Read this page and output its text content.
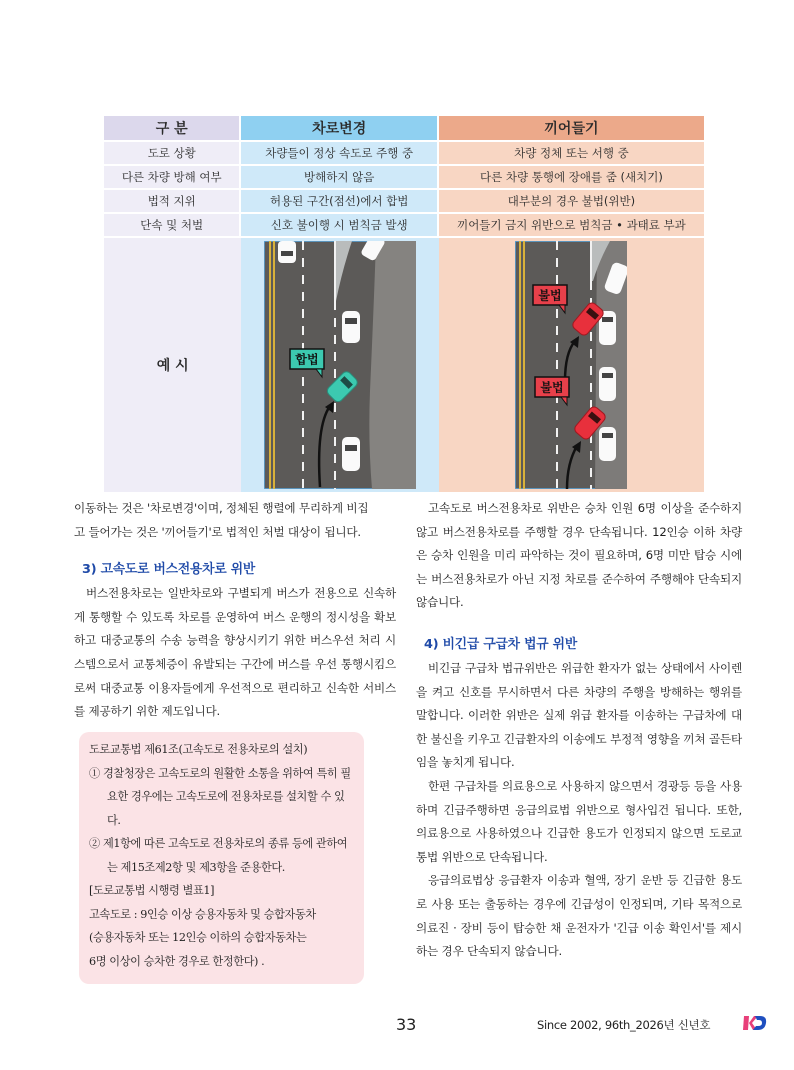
구 분	차로변경	끼어들기
도로 상황	차량들이 정상 속도로 주행 중	차량 정체 또는 서행 중
다른 차량 방해 여부	방해하지 않음	다른 차량 통행에 장애를 줌 (새치기)
법적 지위	허용된 구간(점선)에서 합법	대부분의 경우 불법(위반)
단속 및 처벌	신호 불이행 시 범칙금 발생	끼어들기 금지 위반으로 범칙금 • 과태료 부과
예 시	합법	불법
불법

이동하는 것은 '차로변경'이며, 정체된 행렬에 무리하게 비집

고 들어가는 것은 '끼어들기'로 법적인 처벌 대상이 됩니다.

3) 고속도로 버스전용차로 위반

버스전용차로는 일반차로와 구별되게 버스가 전용으로 신속하게 통행할 수 있도록 차로를 운영하여 버스 운행의 정시성을 확보하고 대중교통의 수송 능력을 향상시키기 위한 버스우선 처리 시스템으로서 교통체증이 유발되는 구간에 버스를 우선 통행시킴으로써 대중교통 이용자들에게 우선적으로 편리하고 신속한 서비스를 제공하기 위한 제도입니다.

도로교통법 제61조(고속도로 전용차로의 설치)
① 경찰청장은 고속도로의 원활한 소통을 위하여 특히 필요한 경우에는 고속도로에 전용차로를 설치할 수 있다.
② 제1항에 따른 고속도로 전용차로의 종류 등에 관하여는 제15조제2항 및 제3항을 준용한다.
[도로교통법 시행령 별표1]
고속도로 : 9인승 이상 승용자동차 및 승합자동차
(승용자동차 또는 12인승 이하의 승합자동차는
6명 이상이 승차한 경우로 한정한다) .

고속도로 버스전용차로 위반은 승차 인원 6명 이상을 준수하지 않고 버스전용차로를 주행할 경우 단속됩니다. 12인승 이하 차량은 승차 인원을 미리 파악하는 것이 필요하며, 6명 미만 탑승 시에는 버스전용차로가 아닌 지정 차로를 준수하여 주행해야 단속되지 않습니다.

4) 비긴급 구급차 법규 위반

비긴급 구급차 법규위반은 위급한 환자가 없는 상태에서 사이렌을 켜고 신호를 무시하면서 다른 차량의 주행을 방해하는 행위를 말합니다. 이러한 위반은 실제 위급 환자를 이송하는 구급차에 대한 불신을 키우고 긴급환자의 이송에도 부정적 영향을 끼쳐 골든타임을 놓치게 됩니다.

한편 구급차를 의료용으로 사용하지 않으면서 경광등 등을 사용하며 긴급주행하면 응급의료법 위반으로 형사입건 됩니다. 또한, 의료용으로 사용하였으나 긴급한 용도가 인정되지 않으면 도로교통법 위반으로 단속됩니다.

응급의료법상 응급환자 이송과 혈액, 장기 운반 등 긴급한 용도로 사용 또는 출동하는 경우에 긴급성이 인정되며, 기타 목적으로 의료진 · 장비 등이 탑승한 채 운전자가 '긴급 이송 확인서'를 제시하는 경우 단속되지 않습니다.

33	Since 2002, 96th_2026년 신년호
